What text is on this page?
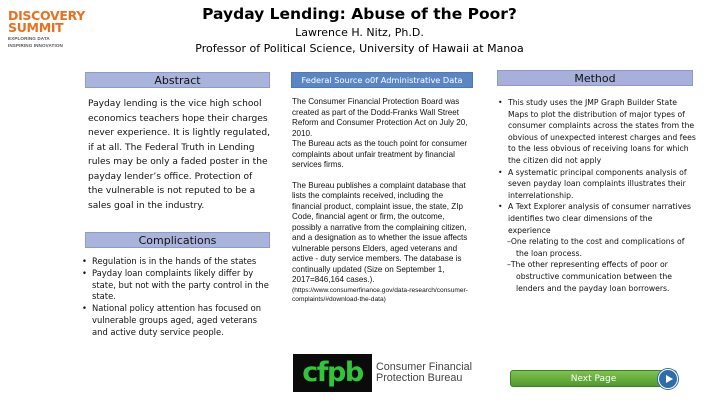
DISCOVERY
SUMMIT
EXPLORING DATA
INSPIRING INNOVATION
Payday Lending: Abuse of the Poor?
Lawrence H. Nitz, Ph.D.
Professor of Political Science, University of Hawaii at Manoa
Abstract
Payday lending is the vice high school economics teachers hope their charges never experience. It is lightly regulated, if at all. The Federal Truth in Lending rules may be only a faded poster in the payday lender’s office. Protection of the vulnerable is not reputed to be a sales goal in the industry.
Complications
• Regulation is in the hands of the states
• Payday loan complaints likely differ by state, but not with the party control in the state.
• National policy attention has focused on vulnerable groups aged, aged veterans and active duty service people.
Federal Source o0f Administrative Data

The Consumer Financial Protection Board was created as part of the Dodd-Franks Wall Street Reform and Consumer Protection Act on July 20, 2010.

The Bureau acts as the touch point for consumer complaints about unfair treatment by financial services firms.

The Bureau publishes a complaint database that lists the complaints received, including the financial product, complaint issue, the state, ZIp Code, financial agent or firm, the outcome, possibly a narrative from the complaining citizen, and a designation as to whether the issue affects vulnerable persons Elders, aged veterans and active - duty service members. The database is continually updated (Size on September 1, 2017=846,164 cases.).

(https://www.consumerfinance.gov/data-research/consumer-complaints/#download-the-data)

Method
• This study uses the JMP Graph Builder State Maps to plot the distribution of major types of consumer complaints across the states from the obvious of unexpected interest charges and fees to the less obvious of receiving loans for which the citizen did not apply
• A systematic principal components analysis of seven payday loan complaints illustrates their interrelationship.
• A Text Explorer analysis of consumer narratives identifies two clear dimensions of the experience
–One relating to the cost and complications of the loan process.
–The other representing effects of poor or obstructive communication between the lenders and the payday loan borrowers.
cfpb Consumer Financial
Protection Bureau	Next Page
